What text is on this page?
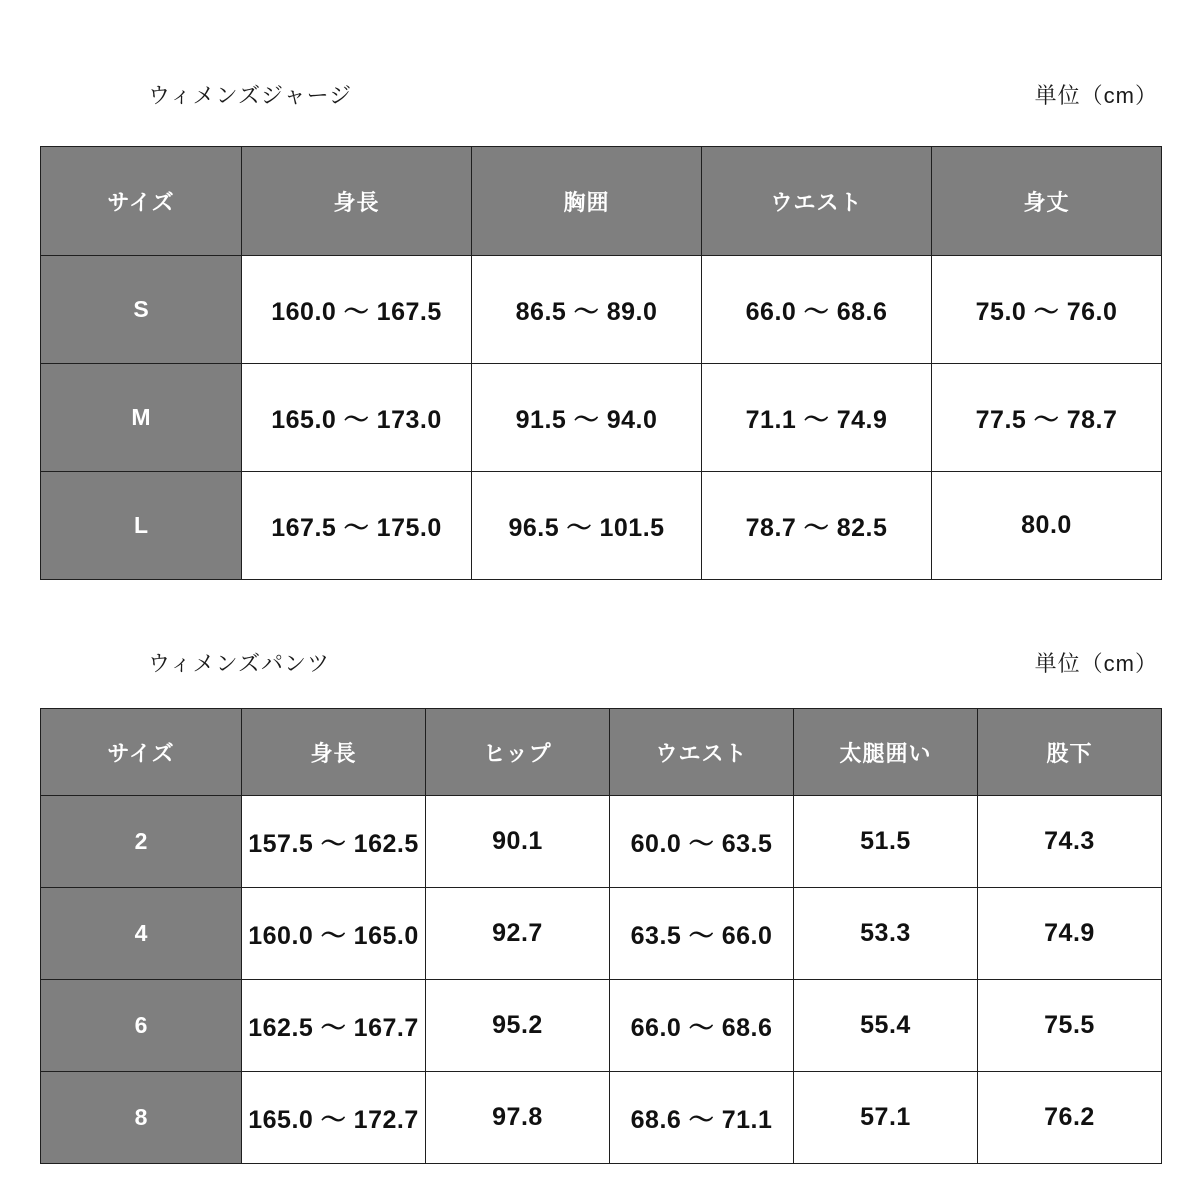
ウィメンズジャージ	単位（cm）
サイズ	身長	胸囲	ウエスト	身丈
S	160.0 ～ 167.5	86.5 ～ 89.0	66.0 ～ 68.6	75.0 ～ 76.0
M	165.0 ～ 173.0	91.5 ～ 94.0	71.1 ～ 74.9	77.5 ～ 78.7
L	167.5 ～ 175.0	96.5 ～ 101.5	78.7 ～ 82.5	80.0
ウィメンズパンツ	単位（cm）
サイズ	身長	ヒップ	ウエスト	太腿囲い	股下
2	157.5 ～ 162.5	90.1	60.0 ～ 63.5	51.5	74.3
4	160.0 ～ 165.0	92.7	63.5 ～ 66.0	53.3	74.9
6	162.5 ～ 167.7	95.2	66.0 ～ 68.6	55.4	75.5
8	165.0 ～ 172.7	97.8	68.6 ～ 71.1	57.1	76.2
